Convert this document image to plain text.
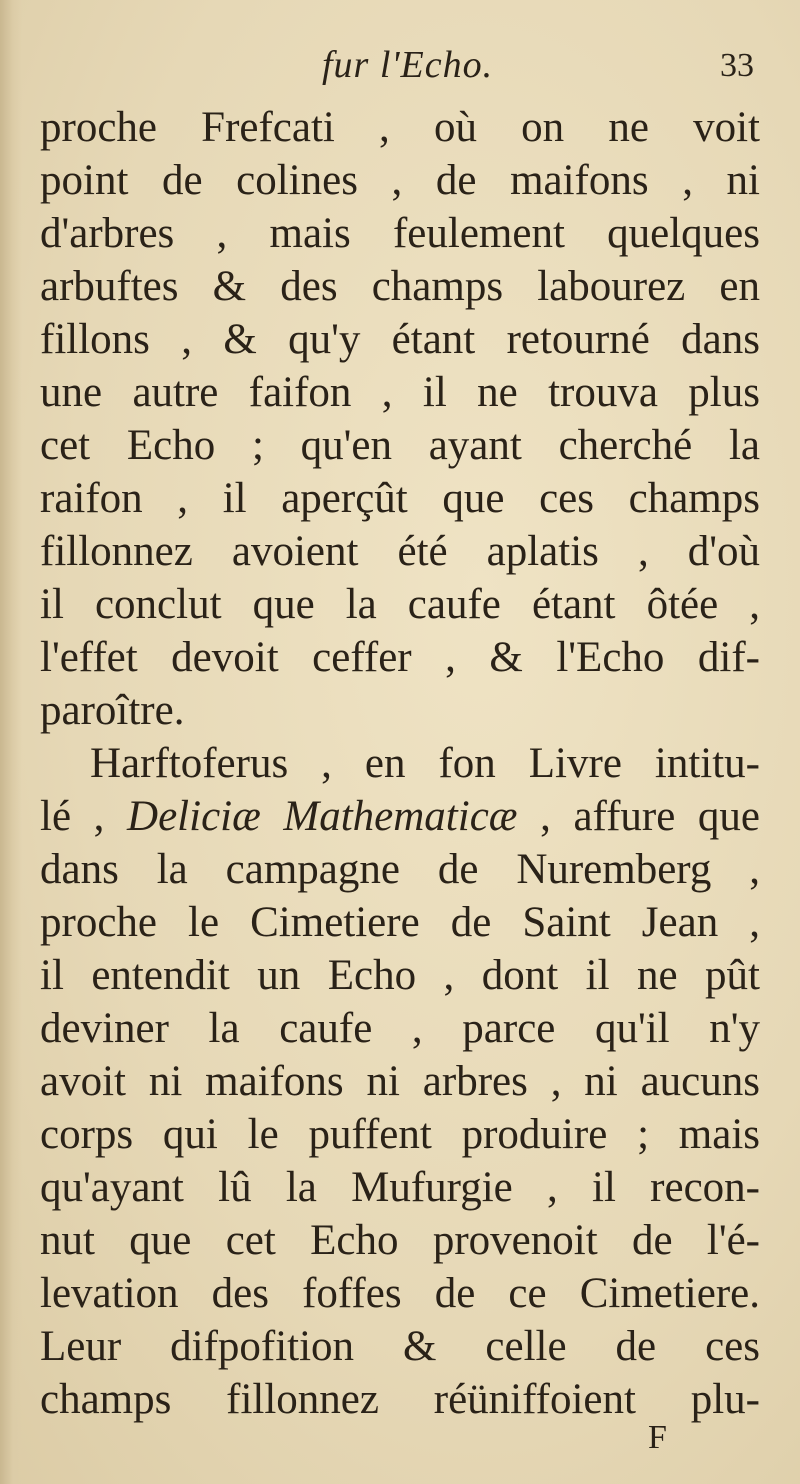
fur l'Echo.	33
proche Frefcati , où on ne voit
point de colines , de maifons , ni
d'arbres , mais feulement quelques
arbuftes & des champs labourez en
fillons , & qu'y étant retourné dans
une autre faifon , il ne trouva plus
cet Echo ; qu'en ayant cherché la
raifon , il aperçût que ces champs
fillonnez avoient été aplatis , d'où
il conclut que la caufe étant ôtée ,
l'effet devoit ceffer , & l'Echo dif-
paroître.
Harftoferus , en fon Livre intitu-
lé , Deliciæ Mathematicæ , affure que
dans la campagne de Nuremberg ,
proche le Cimetiere de Saint Jean ,
il entendit un Echo , dont il ne pût
deviner la caufe , parce qu'il n'y
avoit ni maifons ni arbres , ni aucuns
corps qui le puffent produire ; mais
qu'ayant lû la Mufurgie , il recon-
nut que cet Echo provenoit de l'é-
levation des foffes de ce Cimetiere.
Leur difpofition & celle de ces
champs fillonnez réüniffoient plu-
F
